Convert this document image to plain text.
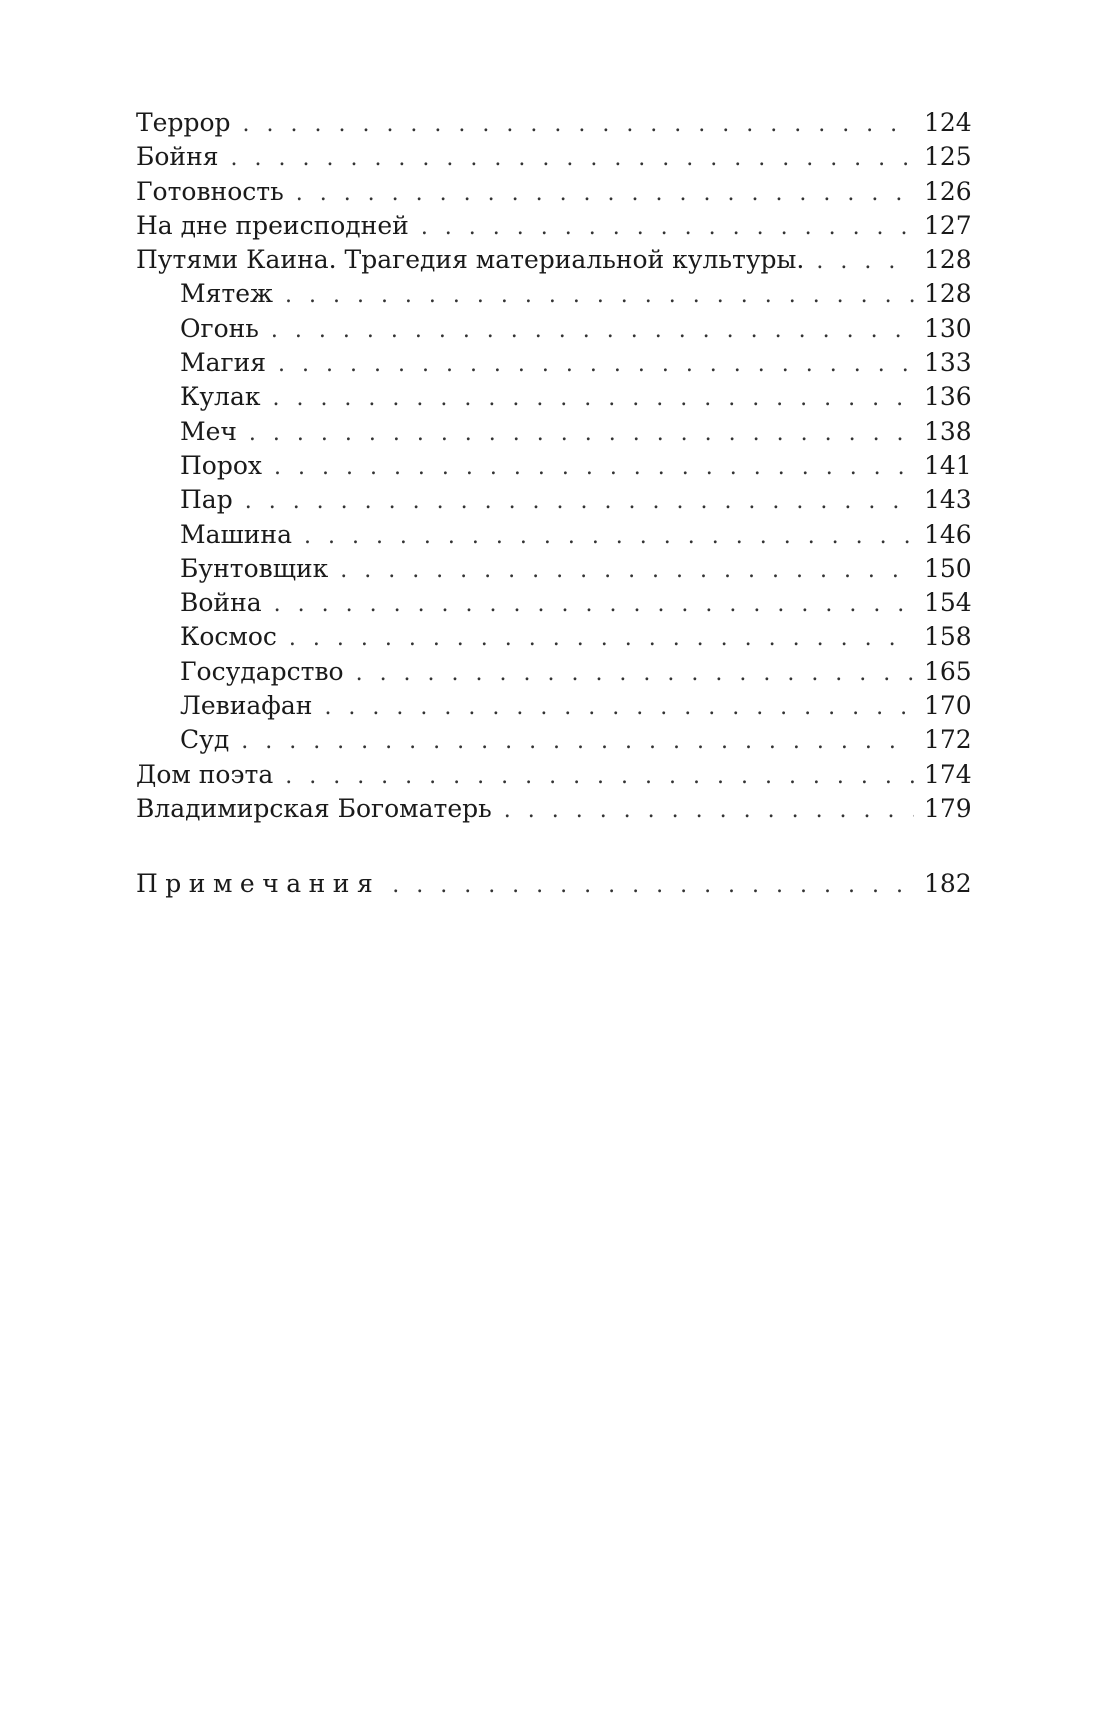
Террор . . .	124
Бойня . . .	125
Готовность . . .	126
На дне преисподней . . .	127
Путями Каина. Трагедия материальной культуры. . . .	128
Мятеж . . .	128
Огонь . . .	130
Магия . . .	133
Кулак . . .	136
Меч . . .	138
Порох . . .	141
Пар . . .	143
Машина . . .	146
Бунтовщик . . .	150
Война . . .	154
Космос . . .	158
Государство . . .	165
Левиафан . . .	170
Суд . . .	172
Дом поэта . . .	174
Владимирская Богоматерь . . .	179
Примечания . . .	182
